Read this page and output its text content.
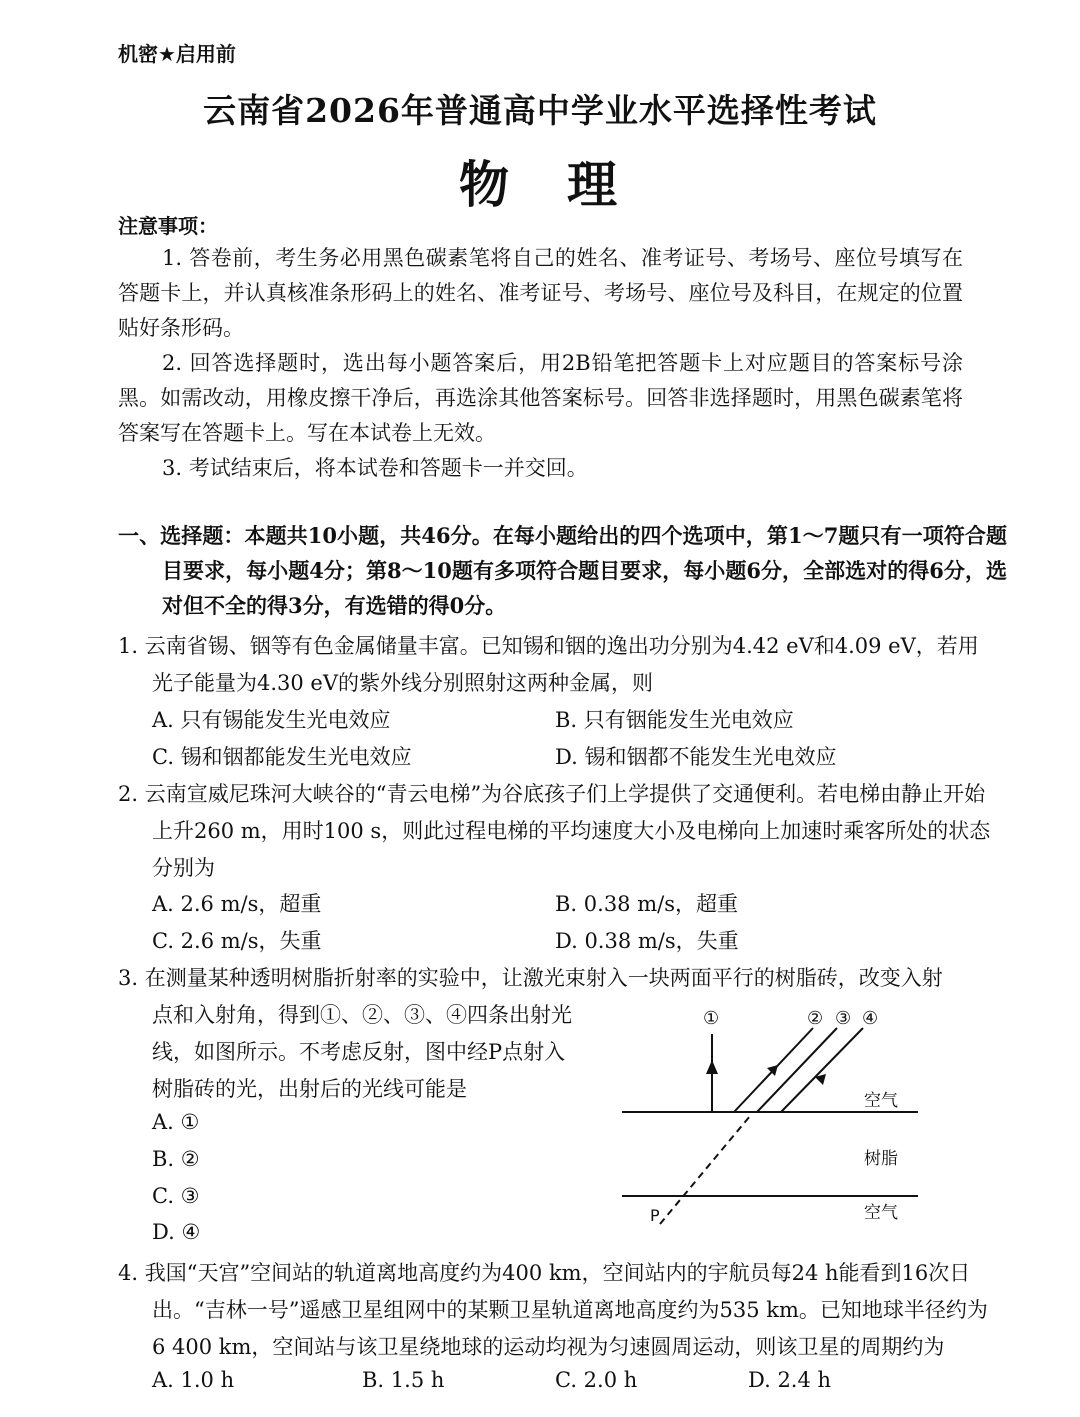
机密★启用前
云南省2026年普通高中学业水平选择性考试
物　理
注意事项：
1. 答卷前，考生务必用黑色碳素笔将自己的姓名、准考证号、考场号、座位号填写在答题卡上，并认真核准条形码上的姓名、准考证号、考场号、座位号及科目，在规定的位置贴好条形码。
2. 回答选择题时，选出每小题答案后，用2B铅笔把答题卡上对应题目的答案标号涂黑。如需改动，用橡皮擦干净后，再选涂其他答案标号。回答非选择题时，用黑色碳素笔将答案写在答题卡上。写在本试卷上无效。
3. 考试结束后，将本试卷和答题卡一并交回。
一、选择题：本题共10小题，共46分。在每小题给出的四个选项中，第1～7题只有一项符合题目要求，每小题4分；第8～10题有多项符合题目要求，每小题6分，全部选对的得6分，选对但不全的得3分，有选错的得0分。
1. 云南省锡、铟等有色金属储量丰富。已知锡和铟的逸出功分别为4.42 eV和4.09 eV，若用光子能量为4.30 eV的紫外线分别照射这两种金属，则
A. 只有锡能发生光电效应	B. 只有铟能发生光电效应
C. 锡和铟都能发生光电效应	D. 锡和铟都不能发生光电效应
2. 云南宣威尼珠河大峡谷的“青云电梯”为谷底孩子们上学提供了交通便利。若电梯由静止开始上升260 m，用时100 s，则此过程电梯的平均速度大小及电梯向上加速时乘客所处的状态分别为
A. 2.6 m/s，超重	B. 0.38 m/s，超重
C. 2.6 m/s，失重	D. 0.38 m/s，失重
3. 在测量某种透明树脂折射率的实验中，让激光束射入一块两面平行的树脂砖，改变入射
点和入射角，得到①、②、③、④四条出射光
线，如图所示。不考虑反射，图中经P点射入
树脂砖的光，出射后的光线可能是
A. ①
B. ②
C. ③
D. ④
①	② ③ ④
空气
树脂
空气
P
4. 我国“天宫”空间站的轨道离地高度约为400 km，空间站内的宇航员每24 h能看到16次日出。“吉林一号”遥感卫星组网中的某颗卫星轨道离地高度约为535 km。已知地球半径约为6 400 km，空间站与该卫星绕地球的运动均视为匀速圆周运动，则该卫星的周期约为
A. 1.0 h	B. 1.5 h	C. 2.0 h	D. 2.4 h
